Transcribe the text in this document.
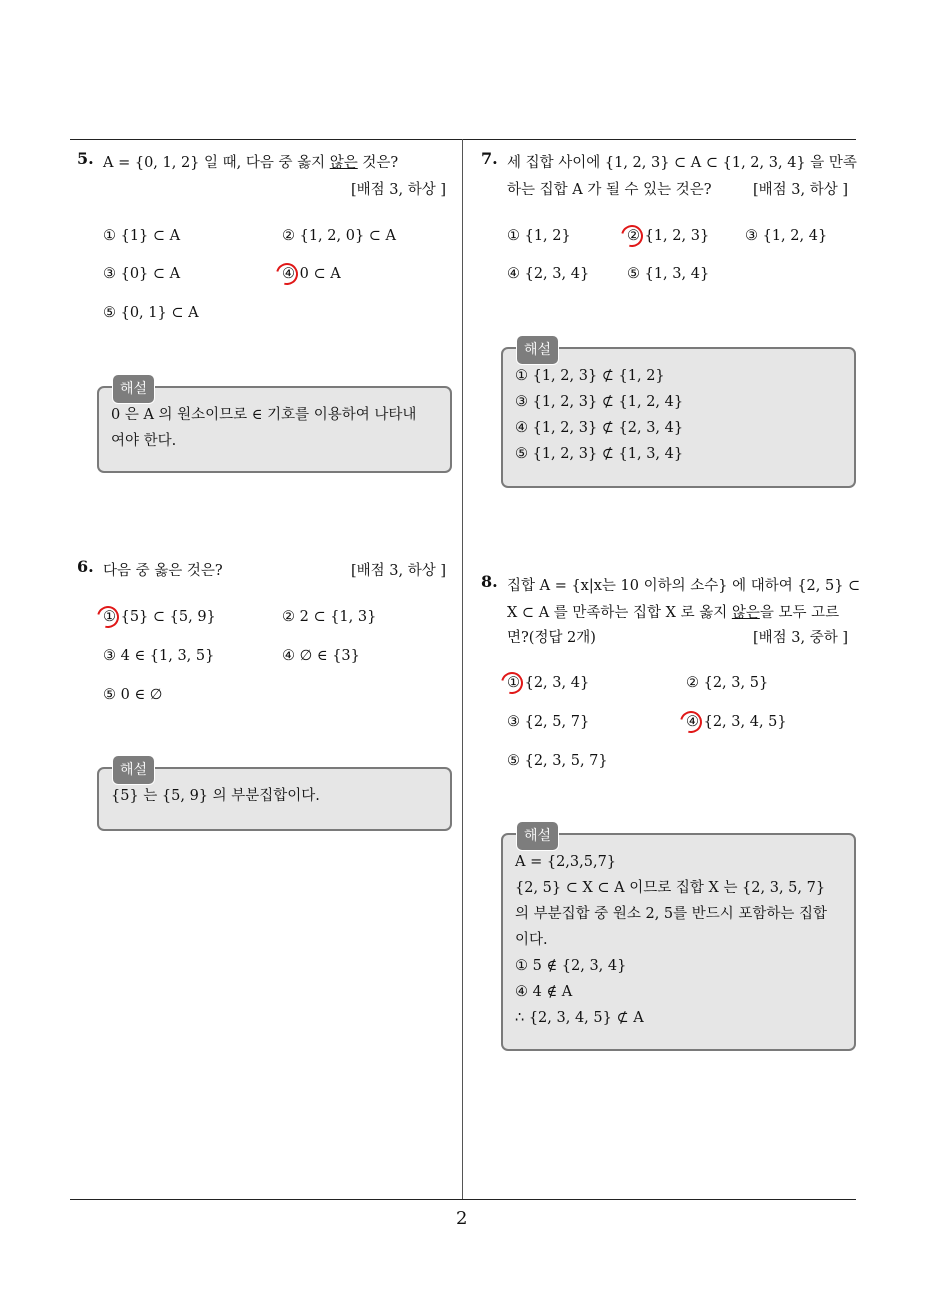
2
5. A = {0, 1, 2} 일 때, 다음 중 옳지 않은 것은?
[배점 3, 하상 ]
① {1} ⊂ A	② {1, 2, 0} ⊂ A
③ {0} ⊂ A	④ 0 ⊂ A
⑤ {0, 1} ⊂ A
해설
0 은 A 의 원소이므로 ∈ 기호를 이용하여 나타내
여야 한다.
6. 다음 중 옳은 것은?	[배점 3, 하상 ]
① {5} ⊂ {5, 9}	② 2 ⊂ {1, 3}
③ 4 ∈ {1, 3, 5}	④ ∅ ∈ {3}
⑤ 0 ∈ ∅
해설
{5} 는 {5, 9} 의 부분집합이다.
7. 세 집합 사이에 {1, 2, 3} ⊂ A ⊂ {1, 2, 3, 4} 을 만족
하는 집합 A 가 될 수 있는 것은?	[배점 3, 하상 ]
① {1, 2}	② {1, 2, 3} ③ {1, 2, 4}
④ {2, 3, 4}	⑤ {1, 3, 4}
해설
① {1, 2, 3} ⊄ {1, 2}
③ {1, 2, 3} ⊄ {1, 2, 4}
④ {1, 2, 3} ⊄ {2, 3, 4}
⑤ {1, 2, 3} ⊄ {1, 3, 4}
8. 집합 A = {x|x는 10 이하의 소수} 에 대하여 {2, 5} ⊂
X ⊂ A 를 만족하는 집합 X 로 옳지 않은을 모두 고르
면?(정답 2개)	[배점 3, 중하 ]
① {2, 3, 4}	② {2, 3, 5}
③ {2, 5, 7}	④ {2, 3, 4, 5}
⑤ {2, 3, 5, 7}
해설
A = {2,3,5,7}
{2, 5} ⊂ X ⊂ A 이므로 집합 X 는 {2, 3, 5, 7}
의 부분집합 중 원소 2, 5를 반드시 포함하는 집합
이다.
① 5 ∉ {2, 3, 4}
④ 4 ∉ A
∴ {2, 3, 4, 5} ⊄ A
